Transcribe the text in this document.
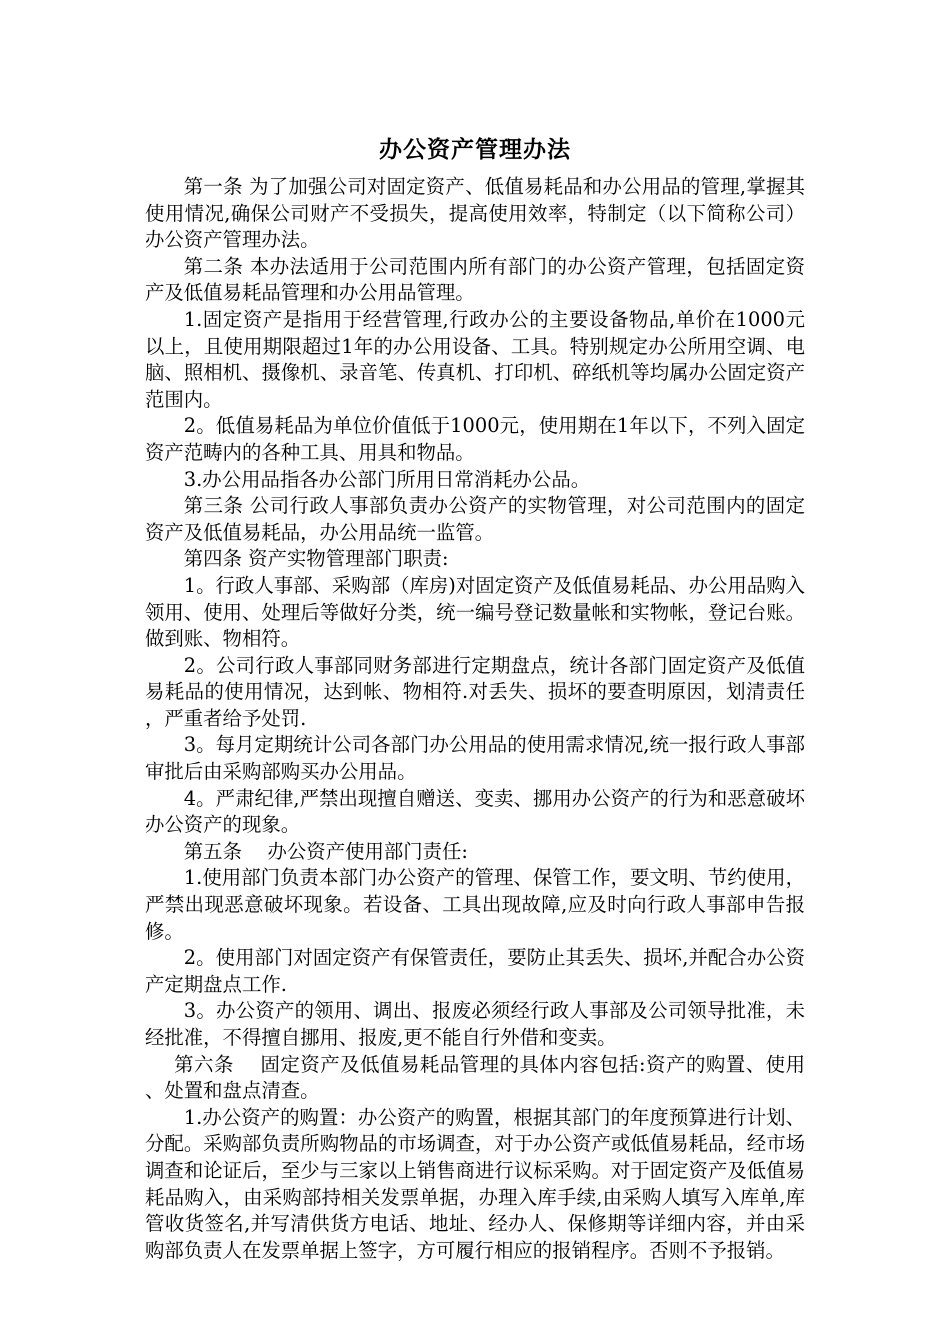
办公资产管理办法

第一条 为了加强公司对固定资产、低值易耗品和办公用品的管理,掌握其使用情况,确保公司财产不受损失，提高使用效率，特制定（以下简称公司）办公资产管理办法。

第二条 本办法适用于公司范围内所有部门的办公资产管理，包括固定资产及低值易耗品管理和办公用品管理。

1.固定资产是指用于经营管理,行政办公的主要设备物品,单价在1000元以上，且使用期限超过1年的办公用设备、工具。特别规定办公所用空调、电脑、照相机、摄像机、录音笔、传真机、打印机、碎纸机等均属办公固定资产范围内。

2。低值易耗品为单位价值低于1000元，使用期在1年以下，不列入固定资产范畴内的各种工具、用具和物品。

3.办公用品指各办公部门所用日常消耗办公品。

第三条 公司行政人事部负责办公资产的实物管理，对公司范围内的固定资产及低值易耗品，办公用品统一监管。

第四条 资产实物管理部门职责:

1。行政人事部、采购部（库房)对固定资产及低值易耗品、办公用品购入领用、使用、处理后等做好分类，统一编号登记数量帐和实物帐，登记台账。做到账、物相符。

2。公司行政人事部同财务部进行定期盘点，统计各部门固定资产及低值易耗品的使用情况，达到帐、物相符.对丢失、损坏的要查明原因，划清责任，严重者给予处罚.

3。每月定期统计公司各部门办公用品的使用需求情况,统一报行政人事部审批后由采购部购买办公用品。

4。严肃纪律,严禁出现擅自赠送、变卖、挪用办公资产的行为和恶意破坏办公资产的现象。

第五条　 办公资产使用部门责任:

1.使用部门负责本部门办公资产的管理、保管工作，要文明、节约使用，严禁出现恶意破坏现象。若设备、工具出现故障,应及时向行政人事部申告报修。

2。使用部门对固定资产有保管责任，要防止其丢失、损坏,并配合办公资产定期盘点工作.

3。办公资产的领用、调出、报废必须经行政人事部及公司领导批准，未经批准，不得擅自挪用、报废,更不能自行外借和变卖。

第六条　 固定资产及低值易耗品管理的具体内容包括:资产的购置、使用、处置和盘点清查。

1.办公资产的购置：办公资产的购置，根据其部门的年度预算进行计划、分配。采购部负责所购物品的市场调查，对于办公资产或低值易耗品，经市场调查和论证后，至少与三家以上销售商进行议标采购。对于固定资产及低值易耗品购入，由采购部持相关发票单据，办理入库手续,由采购人填写入库单,库管收货签名,并写清供货方电话、地址、经办人、保修期等详细内容，并由采购部负责人在发票单据上签字，方可履行相应的报销程序。否则不予报销。
